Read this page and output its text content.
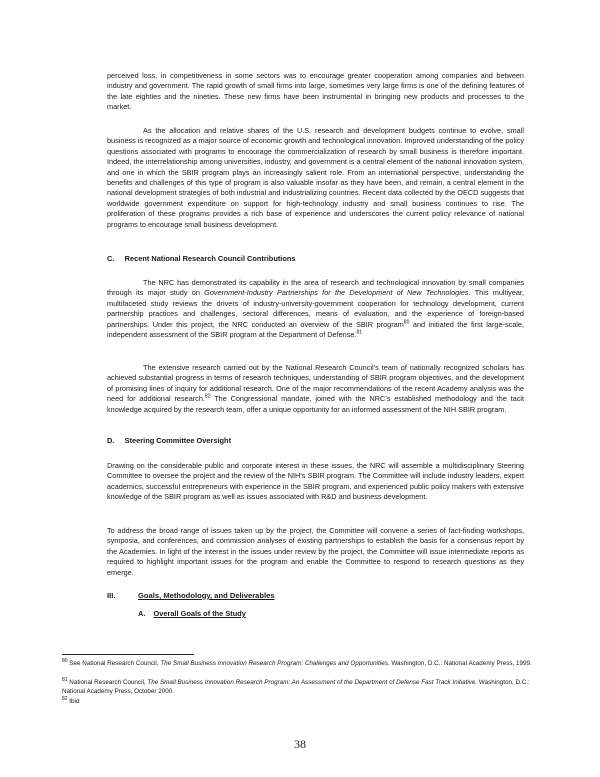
perceived loss, in competitiveness in some sectors was to encourage greater cooperation among companies and between industry and government. The rapid growth of small firms into large, sometimes very large firms is one of the defining features of the late eighties and the nineties. These new firms have been instrumental in bringing new products and processes to the market.

As the allocation and relative shares of the U.S. research and development budgets continue to evolve, small business is recognized as a major source of economic growth and technological innovation. Improved understanding of the policy questions associated with programs to encourage the commercialization of research by small business is therefore important. Indeed, the interrelationship among universities, industry, and government is a central element of the national innovation system, and one in which the SBIR program plays an increasingly salient role. From an international perspective, understanding the benefits and challenges of this type of program is also valuable insofar as they have been, and remain, a central element in the national development strategies of both industrial and industrializing countries. Recent data collected by the OECD suggests that worldwide government expenditure on support for high-technology industry and small business continues to rise. The proliferation of these programs provides a rich base of experience and underscores the current policy relevance of national programs to encourage small business development.

C.     Recent National Research Council Contributions

The NRC has demonstrated its capability in the area of research and technological innovation by small companies through its major study on Government-Industry Partnerships for the Development of New Technologies. This multiyear, multifaceted study reviews the drivers of industry-university-government cooperation for technology development, current partnership practices and challenges, sectoral differences, means of evaluation, and the experience of foreign-based partnerships. Under this project, the NRC conducted an overview of the SBIR program$^{80}$ and initiated the first large-scale, independent assessment of the SBIR program at the Department of Defense.$^{81}$

The extensive research carried out by the National Research Council’s team of nationally recognized scholars has achieved substantial progress in terms of research techniques, understanding of SBIR program objectives, and the development of promising lines of inquiry for additional research. One of the major recommendations of the recent Academy analysis was the need for additional research.$^{82}$ The Congressional mandate, joined with the NRC’s established methodology and the tacit knowledge acquired by the research team, offer a unique opportunity for an informed assessment of the NIH SBIR program.

D.     Steering Committee Oversight

Drawing on the considerable public and corporate interest in these issues, the NRC will assemble a multidisciplinary Steering Committee to oversee the project and the review of the NIH’s SBIR program. The Committee will include industry leaders, expert academics, successful entrepreneurs with experience in the SBIR program, and experienced public policy makers with extensive knowledge of the SBIR program as well as issues associated with R&D and business development.

To address the broad range of issues taken up by the project, the Committee will convene a series of fact-finding workshops, symposia, and conferences, and commission analyses of existing partnerships to establish the basis for a consensus report by the Academies. In light of the interest in the issues under review by the project, the Committee will issue intermediate reports as required to highlight important issues for the program and enable the Committee to respond to research questions as they emerge.

III.	Goals, Methodology, and Deliverables
A. Overall Goals of the Study

$^{80}$ See National Research Council, The Small Business Innovation Research Program: Challenges and Opportunities. Washington, D.C.: National Academy Press, 1999.

$^{81}$ National Research Council, The Small Business Innovation Research Program: An Assessment of the Department of Defense Fast Track Initiative. Washington, D.C.: National Academy Press, October 2000.

$^{82}$ Ibid

38
